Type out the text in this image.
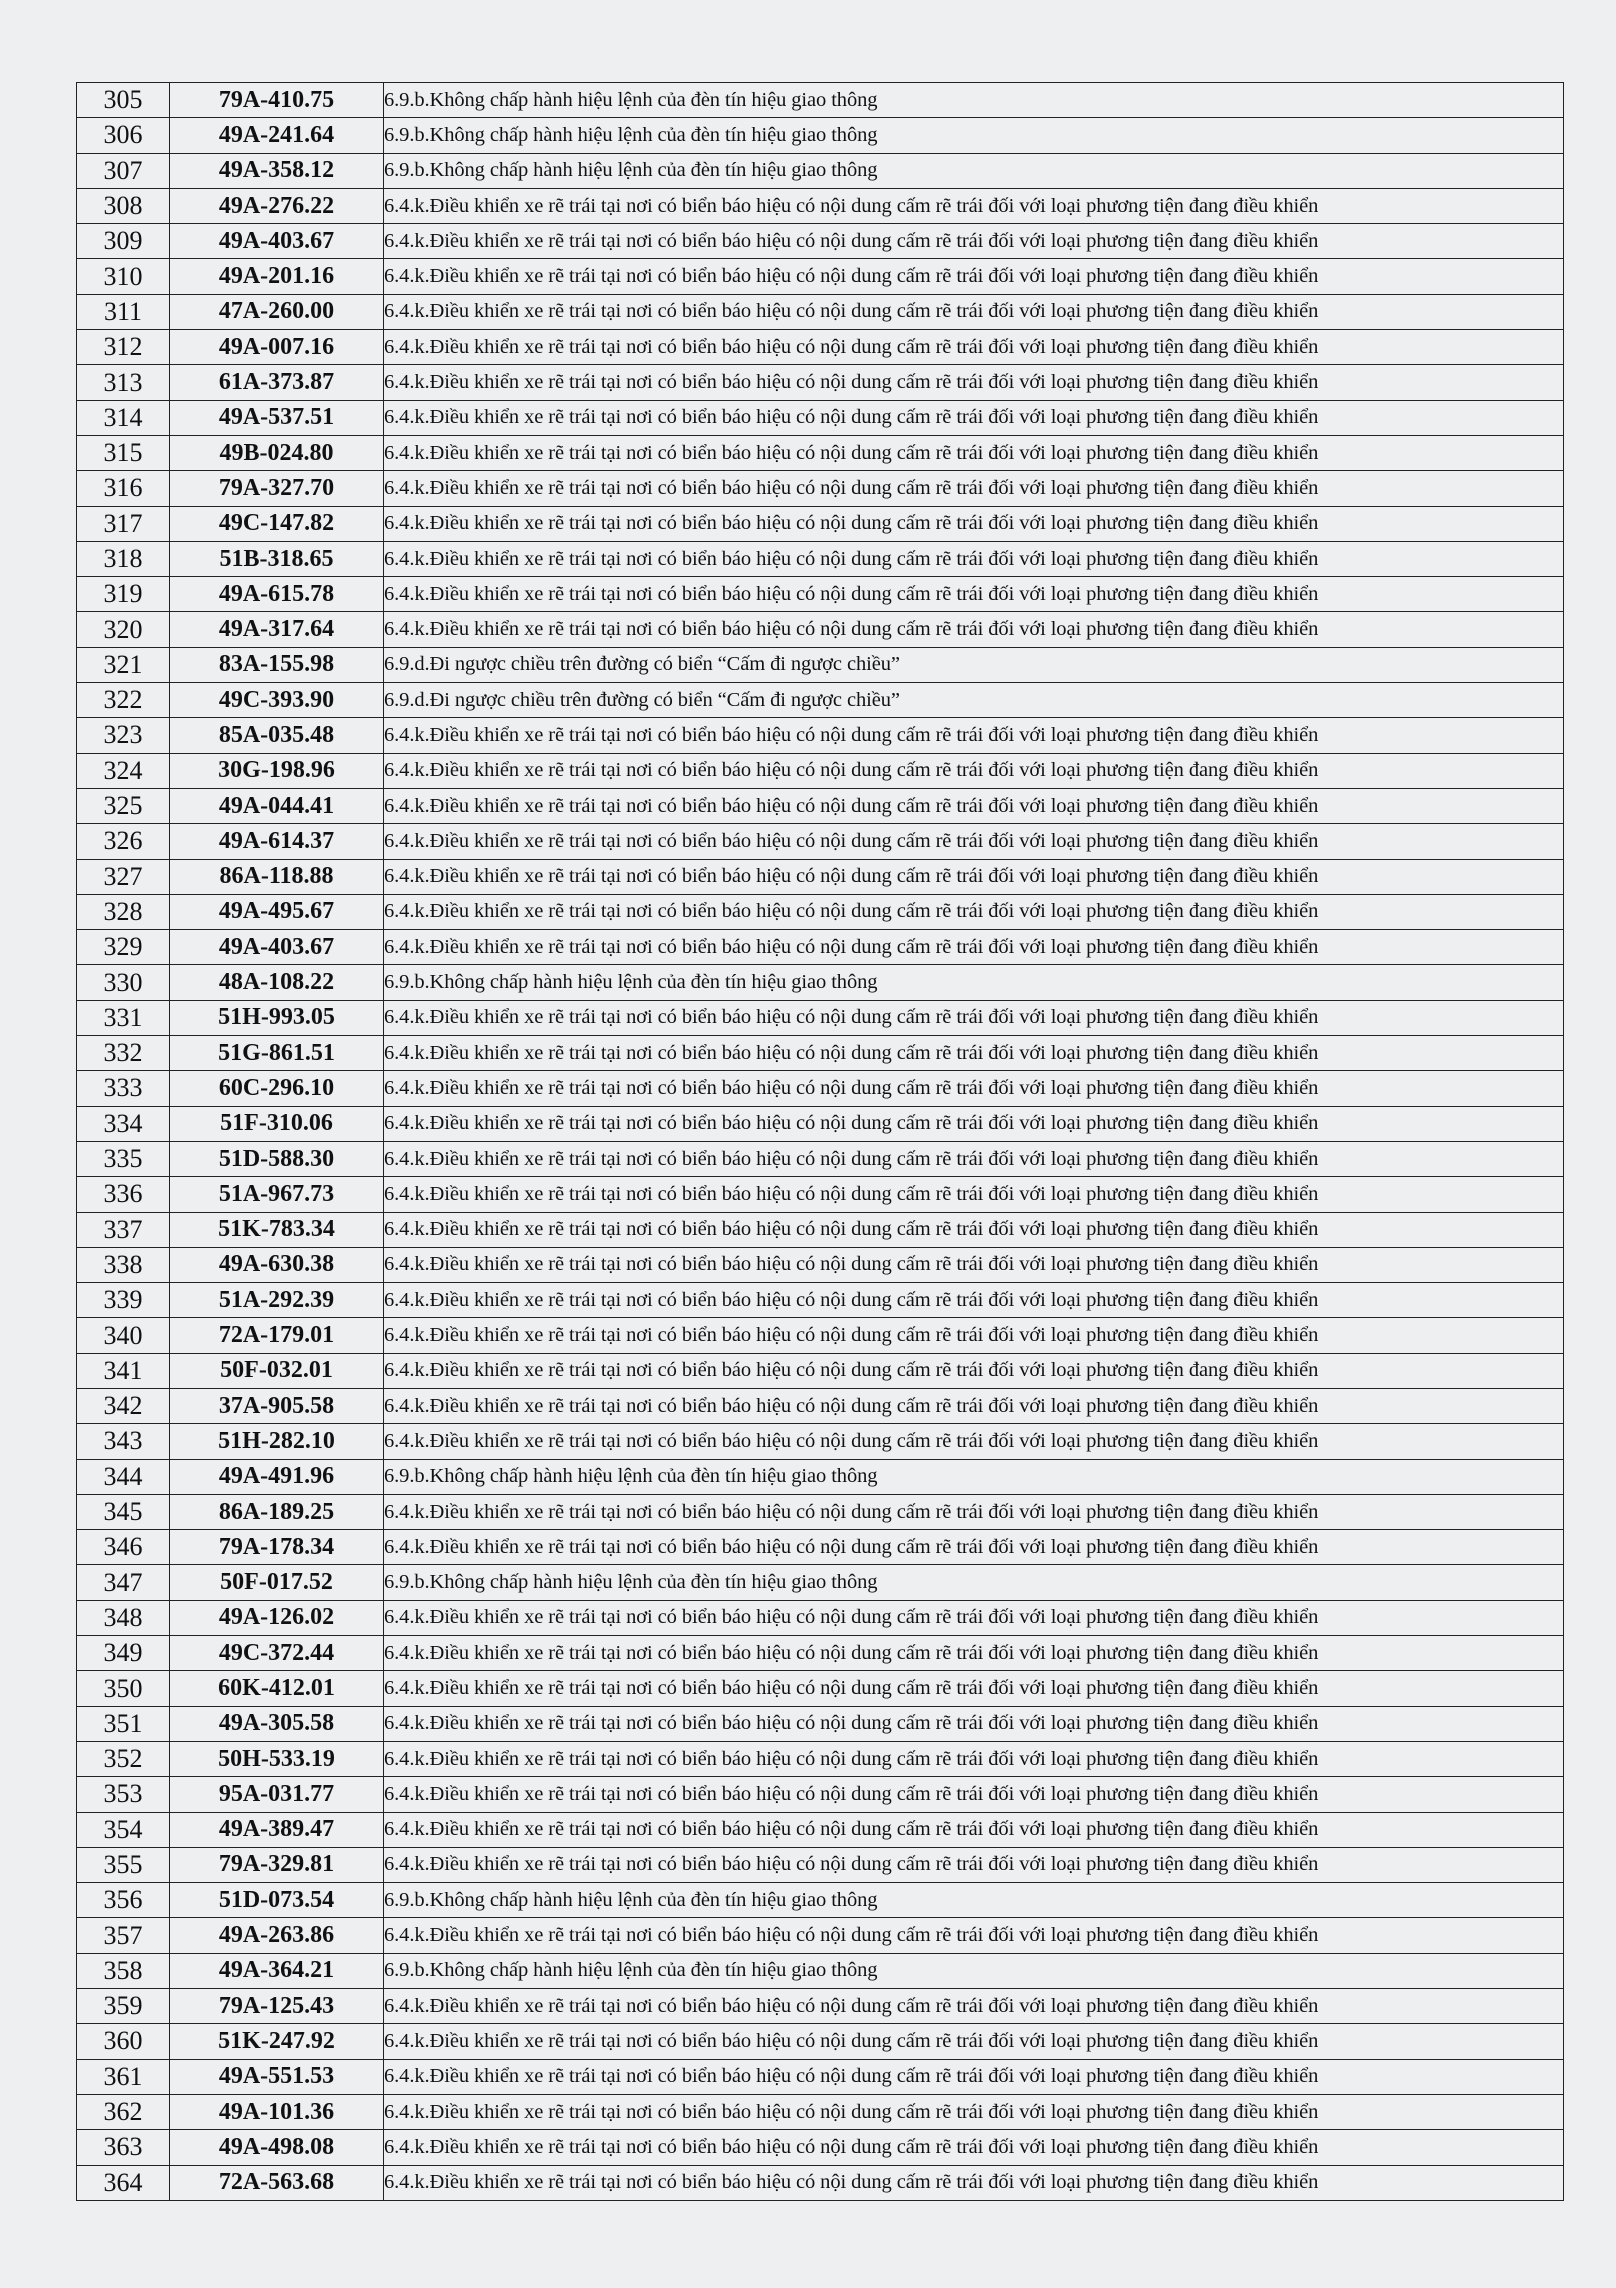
305	79A-410.75	6.9.b.Không chấp hành hiệu lệnh của đèn tín hiệu giao thông
306	49A-241.64	6.9.b.Không chấp hành hiệu lệnh của đèn tín hiệu giao thông
307	49A-358.12	6.9.b.Không chấp hành hiệu lệnh của đèn tín hiệu giao thông
308	49A-276.22	6.4.k.Điều khiển xe rẽ trái tại nơi có biển báo hiệu có nội dung cấm rẽ trái đối với loại phương tiện đang điều khiển
309	49A-403.67	6.4.k.Điều khiển xe rẽ trái tại nơi có biển báo hiệu có nội dung cấm rẽ trái đối với loại phương tiện đang điều khiển
310	49A-201.16	6.4.k.Điều khiển xe rẽ trái tại nơi có biển báo hiệu có nội dung cấm rẽ trái đối với loại phương tiện đang điều khiển
311	47A-260.00	6.4.k.Điều khiển xe rẽ trái tại nơi có biển báo hiệu có nội dung cấm rẽ trái đối với loại phương tiện đang điều khiển
312	49A-007.16	6.4.k.Điều khiển xe rẽ trái tại nơi có biển báo hiệu có nội dung cấm rẽ trái đối với loại phương tiện đang điều khiển
313	61A-373.87	6.4.k.Điều khiển xe rẽ trái tại nơi có biển báo hiệu có nội dung cấm rẽ trái đối với loại phương tiện đang điều khiển
314	49A-537.51	6.4.k.Điều khiển xe rẽ trái tại nơi có biển báo hiệu có nội dung cấm rẽ trái đối với loại phương tiện đang điều khiển
315	49B-024.80	6.4.k.Điều khiển xe rẽ trái tại nơi có biển báo hiệu có nội dung cấm rẽ trái đối với loại phương tiện đang điều khiển
316	79A-327.70	6.4.k.Điều khiển xe rẽ trái tại nơi có biển báo hiệu có nội dung cấm rẽ trái đối với loại phương tiện đang điều khiển
317	49C-147.82	6.4.k.Điều khiển xe rẽ trái tại nơi có biển báo hiệu có nội dung cấm rẽ trái đối với loại phương tiện đang điều khiển
318	51B-318.65	6.4.k.Điều khiển xe rẽ trái tại nơi có biển báo hiệu có nội dung cấm rẽ trái đối với loại phương tiện đang điều khiển
319	49A-615.78	6.4.k.Điều khiển xe rẽ trái tại nơi có biển báo hiệu có nội dung cấm rẽ trái đối với loại phương tiện đang điều khiển
320	49A-317.64	6.4.k.Điều khiển xe rẽ trái tại nơi có biển báo hiệu có nội dung cấm rẽ trái đối với loại phương tiện đang điều khiển
321	83A-155.98	6.9.d.Đi ngược chiều trên đường có biển “Cấm đi ngược chiều”
322	49C-393.90	6.9.d.Đi ngược chiều trên đường có biển “Cấm đi ngược chiều”
323	85A-035.48	6.4.k.Điều khiển xe rẽ trái tại nơi có biển báo hiệu có nội dung cấm rẽ trái đối với loại phương tiện đang điều khiển
324	30G-198.96	6.4.k.Điều khiển xe rẽ trái tại nơi có biển báo hiệu có nội dung cấm rẽ trái đối với loại phương tiện đang điều khiển
325	49A-044.41	6.4.k.Điều khiển xe rẽ trái tại nơi có biển báo hiệu có nội dung cấm rẽ trái đối với loại phương tiện đang điều khiển
326	49A-614.37	6.4.k.Điều khiển xe rẽ trái tại nơi có biển báo hiệu có nội dung cấm rẽ trái đối với loại phương tiện đang điều khiển
327	86A-118.88	6.4.k.Điều khiển xe rẽ trái tại nơi có biển báo hiệu có nội dung cấm rẽ trái đối với loại phương tiện đang điều khiển
328	49A-495.67	6.4.k.Điều khiển xe rẽ trái tại nơi có biển báo hiệu có nội dung cấm rẽ trái đối với loại phương tiện đang điều khiển
329	49A-403.67	6.4.k.Điều khiển xe rẽ trái tại nơi có biển báo hiệu có nội dung cấm rẽ trái đối với loại phương tiện đang điều khiển
330	48A-108.22	6.9.b.Không chấp hành hiệu lệnh của đèn tín hiệu giao thông
331	51H-993.05	6.4.k.Điều khiển xe rẽ trái tại nơi có biển báo hiệu có nội dung cấm rẽ trái đối với loại phương tiện đang điều khiển
332	51G-861.51	6.4.k.Điều khiển xe rẽ trái tại nơi có biển báo hiệu có nội dung cấm rẽ trái đối với loại phương tiện đang điều khiển
333	60C-296.10	6.4.k.Điều khiển xe rẽ trái tại nơi có biển báo hiệu có nội dung cấm rẽ trái đối với loại phương tiện đang điều khiển
334	51F-310.06	6.4.k.Điều khiển xe rẽ trái tại nơi có biển báo hiệu có nội dung cấm rẽ trái đối với loại phương tiện đang điều khiển
335	51D-588.30	6.4.k.Điều khiển xe rẽ trái tại nơi có biển báo hiệu có nội dung cấm rẽ trái đối với loại phương tiện đang điều khiển
336	51A-967.73	6.4.k.Điều khiển xe rẽ trái tại nơi có biển báo hiệu có nội dung cấm rẽ trái đối với loại phương tiện đang điều khiển
337	51K-783.34	6.4.k.Điều khiển xe rẽ trái tại nơi có biển báo hiệu có nội dung cấm rẽ trái đối với loại phương tiện đang điều khiển
338	49A-630.38	6.4.k.Điều khiển xe rẽ trái tại nơi có biển báo hiệu có nội dung cấm rẽ trái đối với loại phương tiện đang điều khiển
339	51A-292.39	6.4.k.Điều khiển xe rẽ trái tại nơi có biển báo hiệu có nội dung cấm rẽ trái đối với loại phương tiện đang điều khiển
340	72A-179.01	6.4.k.Điều khiển xe rẽ trái tại nơi có biển báo hiệu có nội dung cấm rẽ trái đối với loại phương tiện đang điều khiển
341	50F-032.01	6.4.k.Điều khiển xe rẽ trái tại nơi có biển báo hiệu có nội dung cấm rẽ trái đối với loại phương tiện đang điều khiển
342	37A-905.58	6.4.k.Điều khiển xe rẽ trái tại nơi có biển báo hiệu có nội dung cấm rẽ trái đối với loại phương tiện đang điều khiển
343	51H-282.10	6.4.k.Điều khiển xe rẽ trái tại nơi có biển báo hiệu có nội dung cấm rẽ trái đối với loại phương tiện đang điều khiển
344	49A-491.96	6.9.b.Không chấp hành hiệu lệnh của đèn tín hiệu giao thông
345	86A-189.25	6.4.k.Điều khiển xe rẽ trái tại nơi có biển báo hiệu có nội dung cấm rẽ trái đối với loại phương tiện đang điều khiển
346	79A-178.34	6.4.k.Điều khiển xe rẽ trái tại nơi có biển báo hiệu có nội dung cấm rẽ trái đối với loại phương tiện đang điều khiển
347	50F-017.52	6.9.b.Không chấp hành hiệu lệnh của đèn tín hiệu giao thông
348	49A-126.02	6.4.k.Điều khiển xe rẽ trái tại nơi có biển báo hiệu có nội dung cấm rẽ trái đối với loại phương tiện đang điều khiển
349	49C-372.44	6.4.k.Điều khiển xe rẽ trái tại nơi có biển báo hiệu có nội dung cấm rẽ trái đối với loại phương tiện đang điều khiển
350	60K-412.01	6.4.k.Điều khiển xe rẽ trái tại nơi có biển báo hiệu có nội dung cấm rẽ trái đối với loại phương tiện đang điều khiển
351	49A-305.58	6.4.k.Điều khiển xe rẽ trái tại nơi có biển báo hiệu có nội dung cấm rẽ trái đối với loại phương tiện đang điều khiển
352	50H-533.19	6.4.k.Điều khiển xe rẽ trái tại nơi có biển báo hiệu có nội dung cấm rẽ trái đối với loại phương tiện đang điều khiển
353	95A-031.77	6.4.k.Điều khiển xe rẽ trái tại nơi có biển báo hiệu có nội dung cấm rẽ trái đối với loại phương tiện đang điều khiển
354	49A-389.47	6.4.k.Điều khiển xe rẽ trái tại nơi có biển báo hiệu có nội dung cấm rẽ trái đối với loại phương tiện đang điều khiển
355	79A-329.81	6.4.k.Điều khiển xe rẽ trái tại nơi có biển báo hiệu có nội dung cấm rẽ trái đối với loại phương tiện đang điều khiển
356	51D-073.54	6.9.b.Không chấp hành hiệu lệnh của đèn tín hiệu giao thông
357	49A-263.86	6.4.k.Điều khiển xe rẽ trái tại nơi có biển báo hiệu có nội dung cấm rẽ trái đối với loại phương tiện đang điều khiển
358	49A-364.21	6.9.b.Không chấp hành hiệu lệnh của đèn tín hiệu giao thông
359	79A-125.43	6.4.k.Điều khiển xe rẽ trái tại nơi có biển báo hiệu có nội dung cấm rẽ trái đối với loại phương tiện đang điều khiển
360	51K-247.92	6.4.k.Điều khiển xe rẽ trái tại nơi có biển báo hiệu có nội dung cấm rẽ trái đối với loại phương tiện đang điều khiển
361	49A-551.53	6.4.k.Điều khiển xe rẽ trái tại nơi có biển báo hiệu có nội dung cấm rẽ trái đối với loại phương tiện đang điều khiển
362	49A-101.36	6.4.k.Điều khiển xe rẽ trái tại nơi có biển báo hiệu có nội dung cấm rẽ trái đối với loại phương tiện đang điều khiển
363	49A-498.08	6.4.k.Điều khiển xe rẽ trái tại nơi có biển báo hiệu có nội dung cấm rẽ trái đối với loại phương tiện đang điều khiển
364	72A-563.68	6.4.k.Điều khiển xe rẽ trái tại nơi có biển báo hiệu có nội dung cấm rẽ trái đối với loại phương tiện đang điều khiển
